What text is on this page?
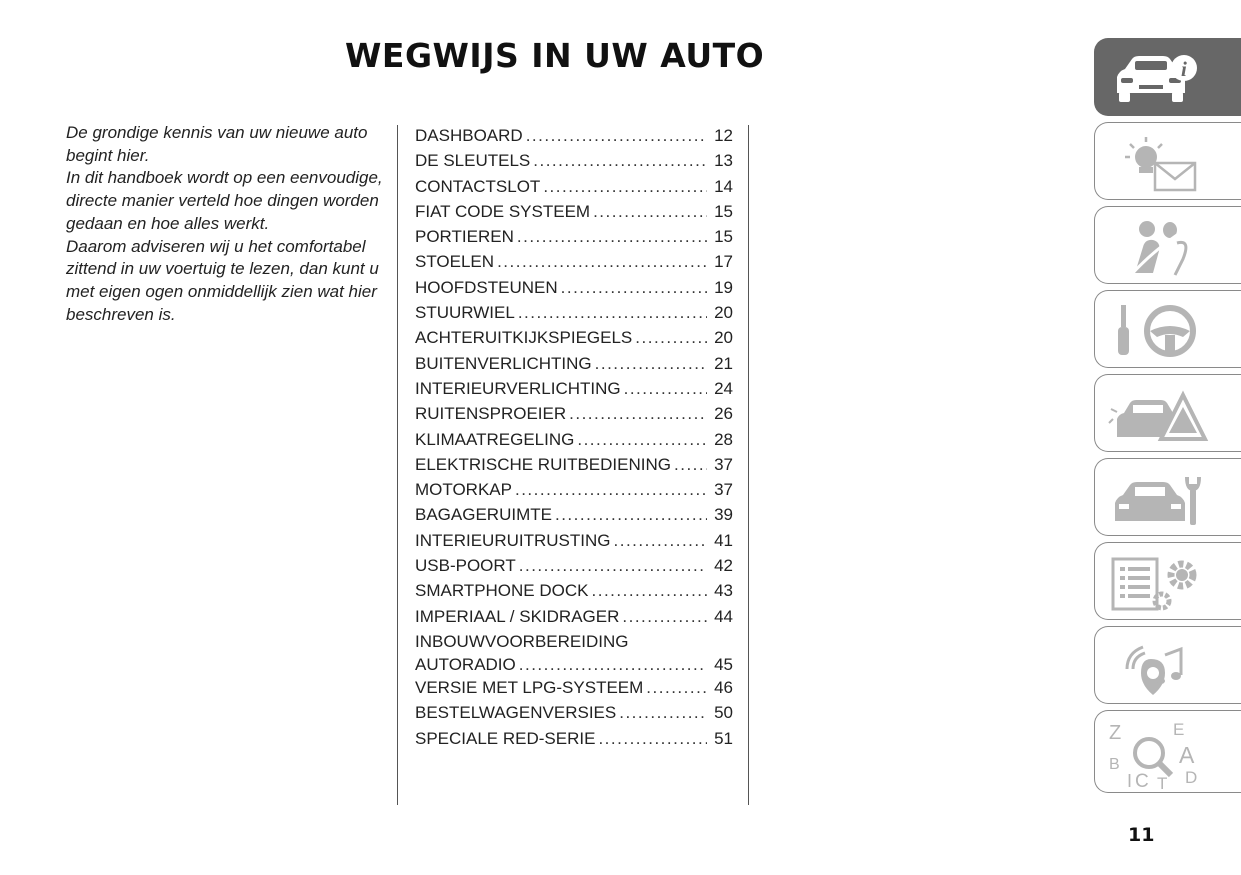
WEGWIJS IN UW AUTO

De grondige kennis van uw nieuwe auto begint hier.

In dit handboek wordt op een eenvoudige, directe manier verteld hoe dingen worden gedaan en hoe alles werkt.

Daarom adviseren wij u het comfortabel zittend in uw voertuig te lezen, dan kunt u met eigen ogen onmiddellijk zien wat hier beschreven is.

DASHBOARD .....	12
DE SLEUTELS .....	13
CONTACTSLOT .....	14
FIAT CODE SYSTEEM .....	15
PORTIEREN .....	15
STOELEN .....	17
HOOFDSTEUNEN .....	19
STUURWIEL .....	20
ACHTERUITKIJKSPIEGELS .....	20
BUITENVERLICHTING .....	21
INTERIEURVERLICHTING .....	24
RUITENSPROEIER .....	26
KLIMAATREGELING .....	28
ELEKTRISCHE RUITBEDIENING .....	37
MOTORKAP .....	37
BAGAGERUIMTE .....	39
INTERIEURUITRUSTING .....	41
USB-POORT .....	42
SMARTPHONE DOCK .....	43
IMPERIAAL / SKIDRAGER .....	44
INBOUWVOORBEREIDING
AUTORADIO .....	45
VERSIE MET LPG-SYSTEEM .....	46
BESTELWAGENVERSIES .....	50
SPECIALE RED-SERIE .....	51
i
Z	E
A
B
C T D
I
11
